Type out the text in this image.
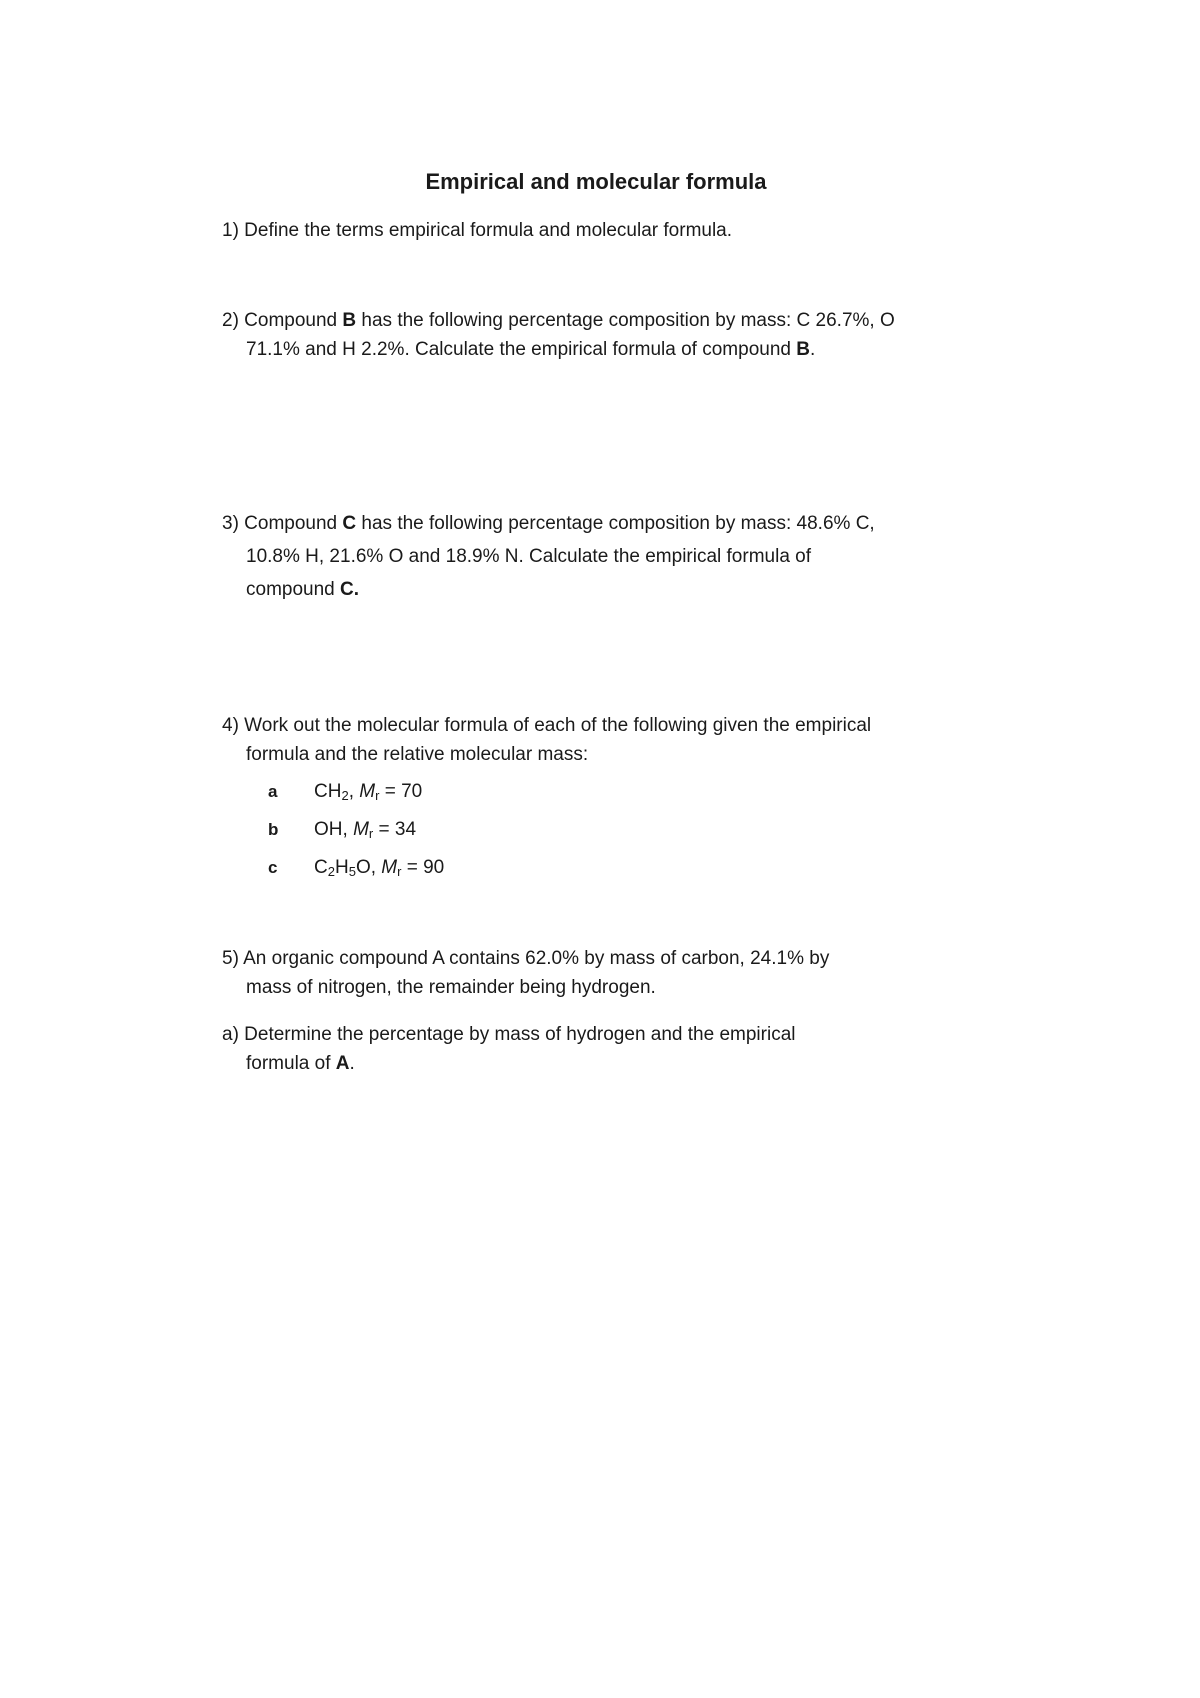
Empirical and molecular formula
1) Define the terms empirical formula and molecular formula.
2) Compound B has the following percentage composition by mass: C 26.7%, O
71.1% and H 2.2%. Calculate the empirical formula of compound B.
3) Compound C has the following percentage composition by mass: 48.6% C,
10.8% H, 21.6% O and 18.9% N. Calculate the empirical formula of
compound C.
4) Work out the molecular formula of each of the following given the empirical
formula and the relative molecular mass:
a $CH_2$, $M_r = 70$
b OH, $M_r = 34$
c $C_2H_5O$, $M_r = 90$
5) An organic compound A contains 62.0% by mass of carbon, 24.1% by
mass of nitrogen, the remainder being hydrogen.
a) Determine the percentage by mass of hydrogen and the empirical
formula of A.
